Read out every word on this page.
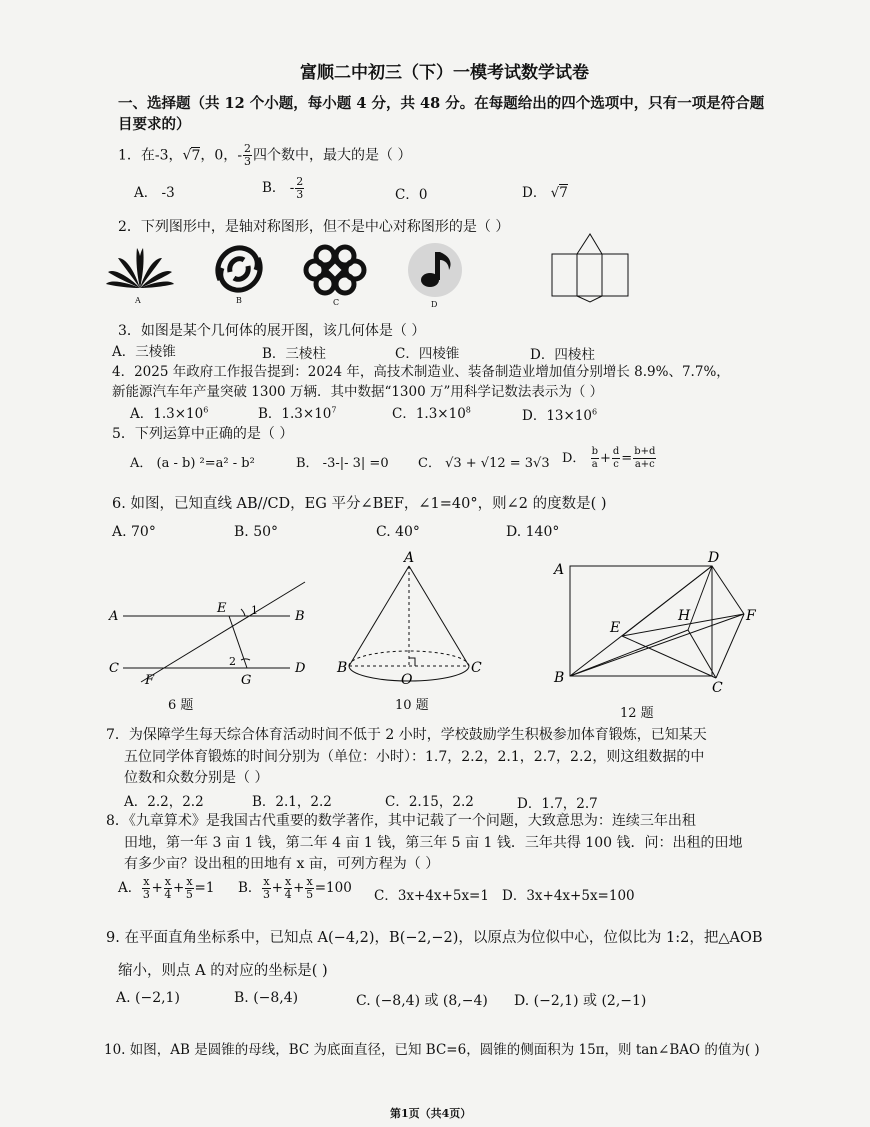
富顺二中初三（下）一模考试数学试卷
一、选择题（共 12 个小题，每小题 4 分，共 48 分。在每题给出的四个选项中，只有一项是符合题
目要求的）
1．在-3，√7，0，- $\frac{2}{3}$ 四个数中，最大的是（ ）
A． -3	B． - $\frac{2}{3}$	C．0	D． √7
2．下列图形中，是轴对称图形，但不是中心对称图形的是（ ）
A	B	C	D
3．如图是某个几何体的展开图，该几何体是（ ）
A．三棱锥	B．三棱柱	C．四棱锥	D．四棱柱
4．2025 年政府工作报告提到：2024 年，高技术制造业、装备制造业增加值分别增长 8.9%、7.7%，
新能源汽车年产量突破 1300 万辆．其中数据“1300 万”用科学记数法表示为（ ）
A．$1.3\times 10^6$	B．$1.3\times 10^7$	C．$1.3\times 10^8$	D．$13\times 10^6$
5．下列运算中正确的是（ ）
A． (a - b) ²=a² - b²	B． -3-|- 3| =0 C． √3 + √12 = 3√3 D． $\frac{b}{a} + \frac{d}{c} = \frac{b+d}{a+c}$
6. 如图，已知直线 AB//CD，EG 平分∠BEF，∠1=40°，则∠2 的度数是( )
A. 70°	B. 50°	C. 40°	D. 140°
A
E 1	B
C	2	D
F	G
6 题
A
B
O
C
10 题
A
D
H	F
E
B
C
12 题
7．为保障学生每天综合体育活动时间不低于 2 小时，学校鼓励学生积极参加体育锻炼，已知某天
五位同学体育锻炼的时间分别为（单位：小时）：1.7，2.2，2.1，2.7，2.2，则这组数据的中
位数和众数分别是（ ）
A．2.2，2.2	B．2.1，2.2	C．2.15，2.2	D．1.7，2.7
8．《九章算术》是我国古代重要的数学著作，其中记载了一个问题，大致意思为：连续三年出租
田地，第一年 3 亩 1 钱，第二年 4 亩 1 钱，第三年 5 亩 1 钱．三年共得 100 钱．问：出租的田地
有多少亩？设出租的田地有 x 亩，可列方程为（ ）
A． $\frac{x}{3} + \frac{x}{4} + \frac{x}{5} =1$ B． $\frac{x}{3} + \frac{x}{4} + \frac{x}{5} =100$ C．3x+4x+5x=1 D．3x+4x+5x=100
9. 在平面直角坐标系中，已知点 A(−4,2)，B(−2,−2)，以原点为位似中心，位似比为 1:2，把△AOB
缩小，则点 A 的对应的坐标是( )
A. (−2,1)	B. (−8,4)	C. (−8,4) 或 (8,−4) D. (−2,1) 或 (2,−1)
10. 如图，AB 是圆锥的母线，BC 为底面直径，已知 BC=6，圆锥的侧面积为 15π，则 tan∠BAO 的值为( )
第1页（共4页）
